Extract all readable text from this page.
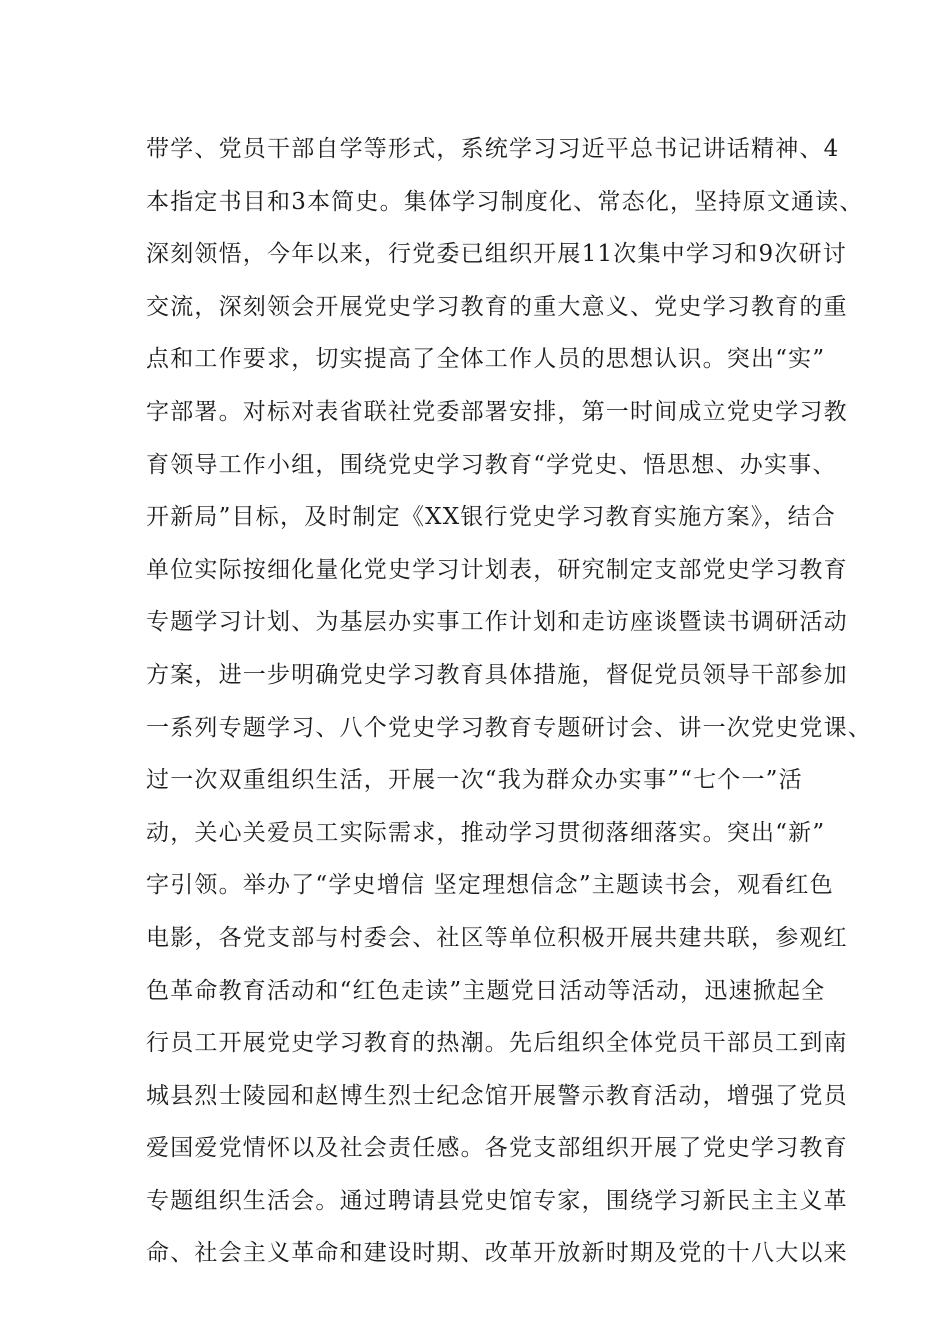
带学、党员干部自学等形式，系统学习习近平总书记讲话精神、4
本指定书目和3本简史。集体学习制度化、常态化，坚持原文通读、
深刻领悟，今年以来，行党委已组织开展11次集中学习和9次研讨
交流，深刻领会开展党史学习教育的重大意义、党史学习教育的重
点和工作要求，切实提高了全体工作人员的思想认识。突出“实”
字部署。对标对表省联社党委部署安排，第一时间成立党史学习教
育领导工作小组，围绕党史学习教育“学党史、悟思想、办实事、
开新局”目标，及时制定《XX银行党史学习教育实施方案》，结合
单位实际按细化量化党史学习计划表，研究制定支部党史学习教育
专题学习计划、为基层办实事工作计划和走访座谈暨读书调研活动
方案，进一步明确党史学习教育具体措施，督促党员领导干部参加
一系列专题学习、八个党史学习教育专题研讨会、讲一次党史党课、
过一次双重组织生活，开展一次“我为群众办实事”“七个一”活
动，关心关爱员工实际需求，推动学习贯彻落细落实。突出“新”
字引领。举办了“学史增信 坚定理想信念”主题读书会，观看红色
电影，各党支部与村委会、社区等单位积极开展共建共联，参观红
色革命教育活动和“红色走读”主题党日活动等活动，迅速掀起全
行员工开展党史学习教育的热潮。先后组织全体党员干部员工到南
城县烈士陵园和赵博生烈士纪念馆开展警示教育活动，增强了党员
爱国爱党情怀以及社会责任感。各党支部组织开展了党史学习教育
专题组织生活会。通过聘请县党史馆专家，围绕学习新民主主义革
命、社会主义革命和建设时期、改革开放新时期及党的十八大以来
